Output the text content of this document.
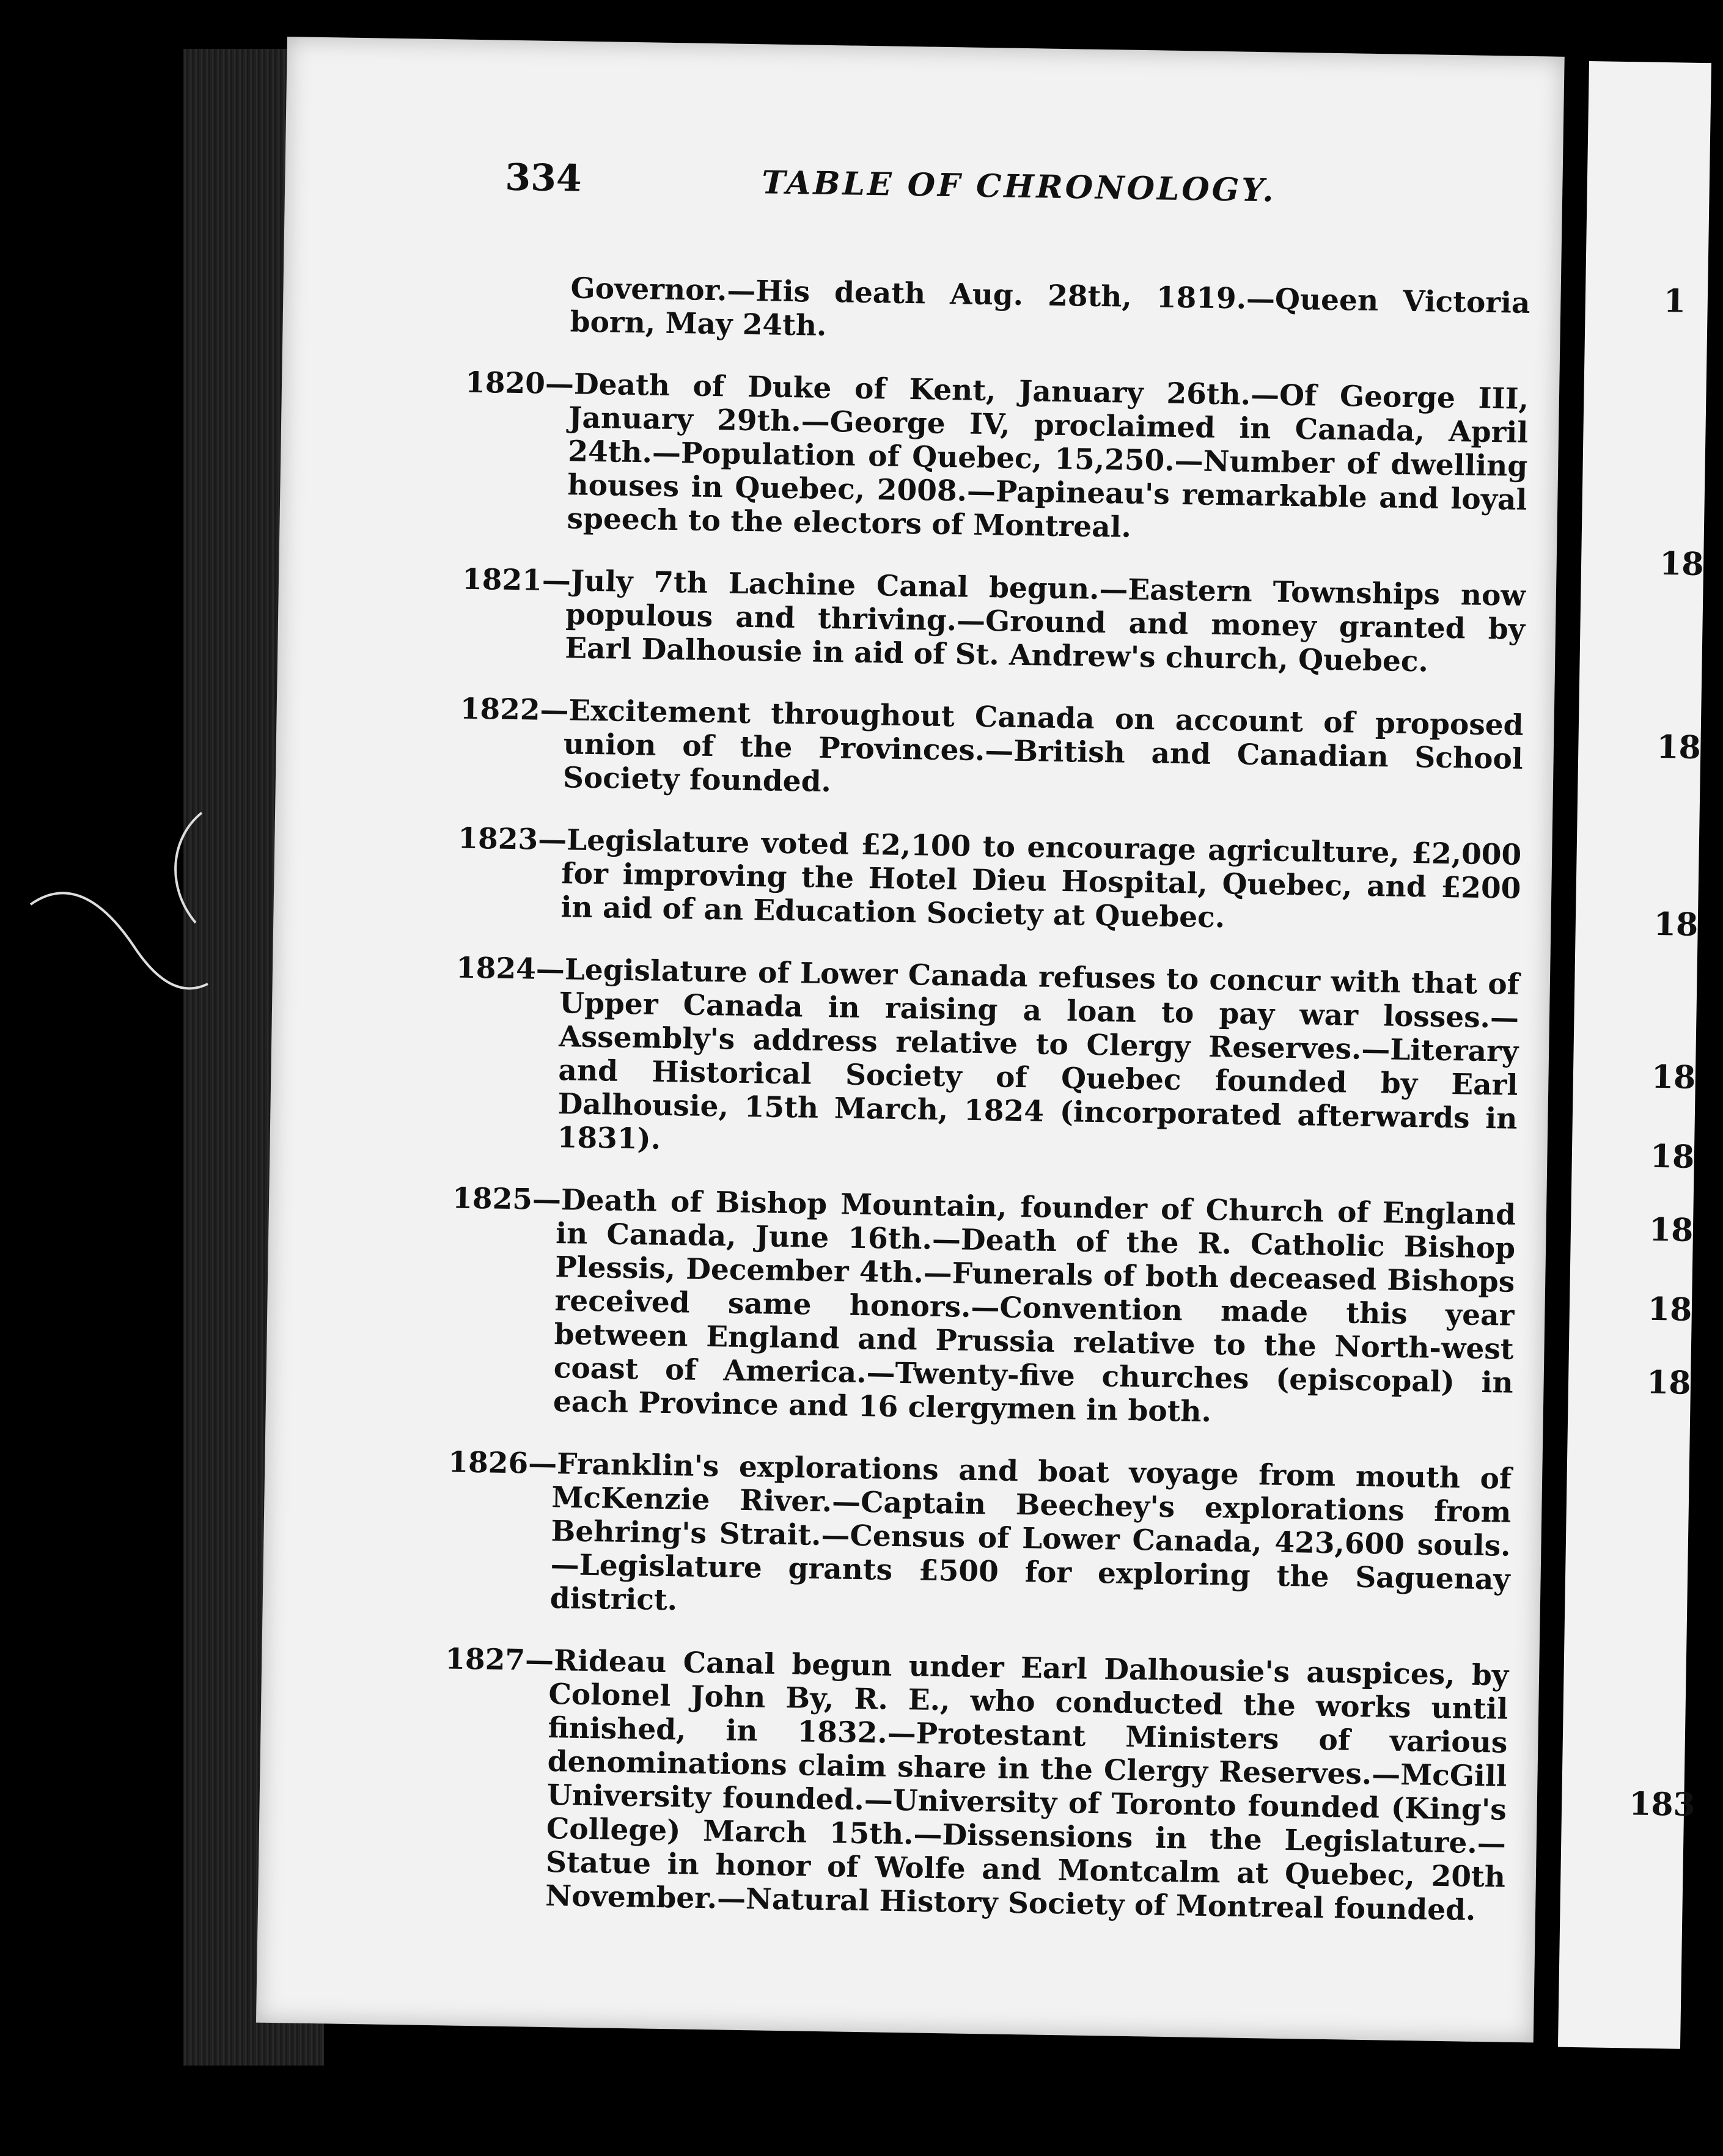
334	TABLE OF CHRONOLOGY.

Governor.—His death Aug. 28th, 1819.—Queen Victoria born, May 24th.

1820—Death of Duke of Kent, January 26th.—Of George III, January 29th.—George IV, proclaimed in Canada, April 24th.—Population of Quebec, 15,250.—Number of dwelling houses in Quebec, 2008.—Papineau's remarkable and loyal speech to the electors of Montreal.

1821—July 7th Lachine Canal begun.—Eastern Townships now populous and thriving.—Ground and money granted by Earl Dalhousie in aid of St. Andrew's church, Quebec.

1822—Excitement throughout Canada on account of proposed union of the Provinces.—British and Canadian School Society founded.

1823—Legislature voted £2,100 to encourage agriculture, £2,000 for improving the Hotel Dieu Hospital, Quebec, and £200 in aid of an Education Society at Quebec.

1824—Legislature of Lower Canada refuses to concur with that of Upper Canada in raising a loan to pay war losses.—Assembly's address relative to Clergy Reserves.—Literary and Historical Society of Quebec founded by Earl Dalhousie, 15th March, 1824 (incorporated afterwards in 1831).

1825—Death of Bishop Mountain, founder of Church of England in Canada, June 16th.—Death of the R. Catholic Bishop Plessis, December 4th.—Funerals of both deceased Bishops received same honors.—Convention made this year between England and Prussia relative to the North-west coast of America.—Twenty-five churches (episcopal) in each Province and 16 clergymen in both.

1826—Franklin's explorations and boat voyage from mouth of McKenzie River.—Captain Beechey's explorations from Behring's Strait.—Census of Lower Canada, 423,600 souls.—Legislature grants £500 for exploring the Saguenay district.

1827—Rideau Canal begun under Earl Dalhousie's auspices, by Colonel John By, R. E., who conducted the works until finished, in 1832.—Protestant Ministers of various denominations claim share in the Clergy Reserves.—McGill University founded.—University of Toronto founded (King's College) March 15th.—Dissensions in the Legislature.—Statue in honor of Wolfe and Montcalm at Quebec, 20th November.—Natural History Society of Montreal founded.

1
18
18
18
18
18
18
18
18
183
